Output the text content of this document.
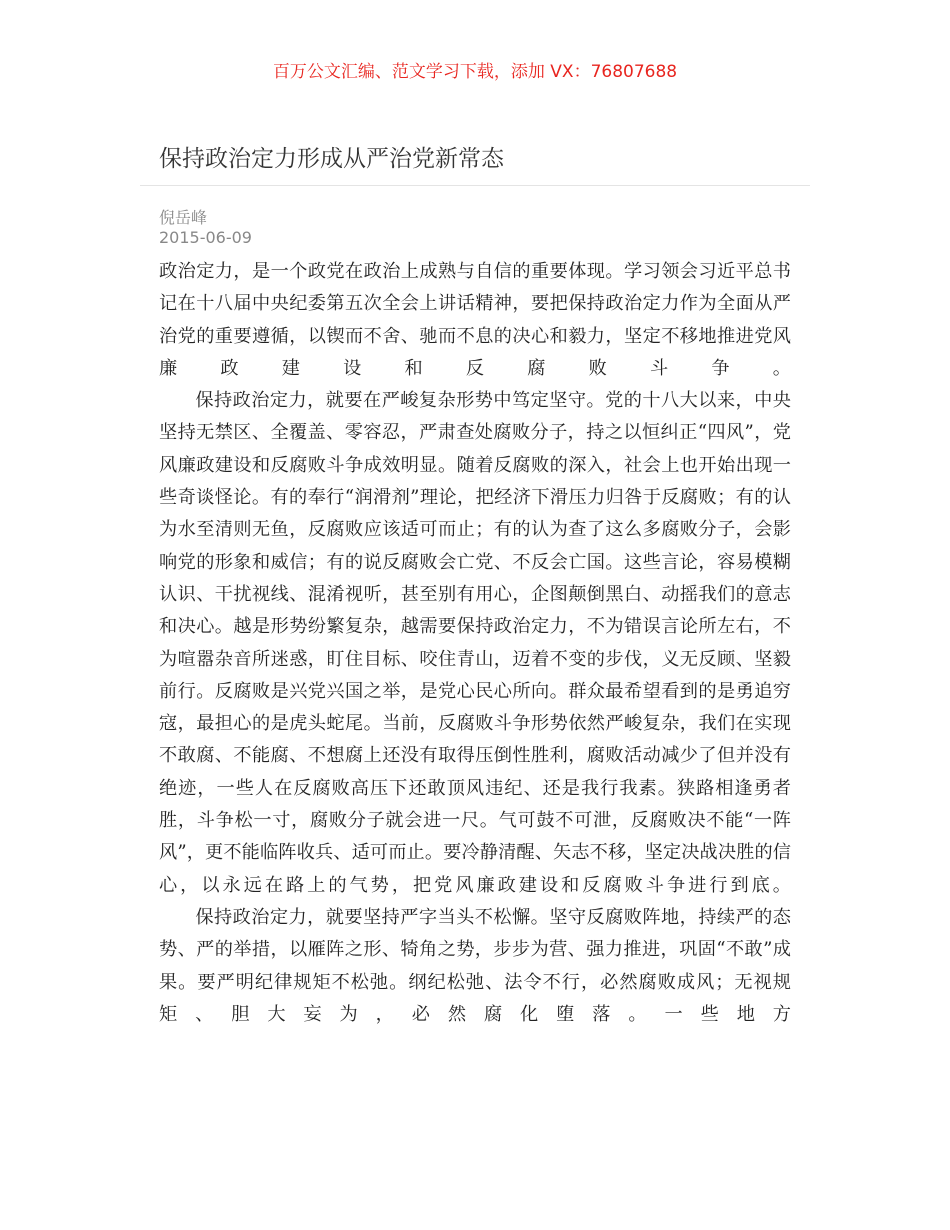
百万公文汇编、范文学习下载，添加 VX：76807688
保持政治定力形成从严治党新常态
倪岳峰
2015-06-09

政治定力，是一个政党在政治上成熟与自信的重要体现。学习领会习近平总书记在十八届中央纪委第五次全会上讲话精神，要把保持政治定力作为全面从严治党的重要遵循，以锲而不舍、驰而不息的决心和毅力，坚定不移地推进党风廉政建设和反腐败斗争。

保持政治定力，就要在严峻复杂形势中笃定坚守。党的十八大以来，中央坚持无禁区、全覆盖、零容忍，严肃查处腐败分子，持之以恒纠正“四风”，党风廉政建设和反腐败斗争成效明显。随着反腐败的深入，社会上也开始出现一些奇谈怪论。有的奉行“润滑剂”理论，把经济下滑压力归咎于反腐败；有的认为水至清则无鱼，反腐败应该适可而止；有的认为查了这么多腐败分子，会影响党的形象和威信；有的说反腐败会亡党、不反会亡国。这些言论，容易模糊认识、干扰视线、混淆视听，甚至别有用心，企图颠倒黑白、动摇我们的意志和决心。越是形势纷繁复杂，越需要保持政治定力，不为错误言论所左右，不为喧嚣杂音所迷惑，盯住目标、咬住青山，迈着不变的步伐，义无反顾、坚毅前行。反腐败是兴党兴国之举，是党心民心所向。群众最希望看到的是勇追穷寇，最担心的是虎头蛇尾。当前，反腐败斗争形势依然严峻复杂，我们在实现不敢腐、不能腐、不想腐上还没有取得压倒性胜利，腐败活动减少了但并没有绝迹，一些人在反腐败高压下还敢顶风违纪、还是我行我素。狭路相逢勇者胜，斗争松一寸，腐败分子就会进一尺。气可鼓不可泄，反腐败决不能“一阵风”，更不能临阵收兵、适可而止。要冷静清醒、矢志不移，坚定决战决胜的信心，以永远在路上的气势，把党风廉政建设和反腐败斗争进行到底。

保持政治定力，就要坚持严字当头不松懈。坚守反腐败阵地，持续严的态势、严的举措，以雁阵之形、犄角之势，步步为营、强力推进，巩固“不敢”成果。要严明纪律规矩不松弛。纲纪松弛、法令不行，必然腐败成风；无视规矩、胆大妄为，必然腐化堕落。一些地方
